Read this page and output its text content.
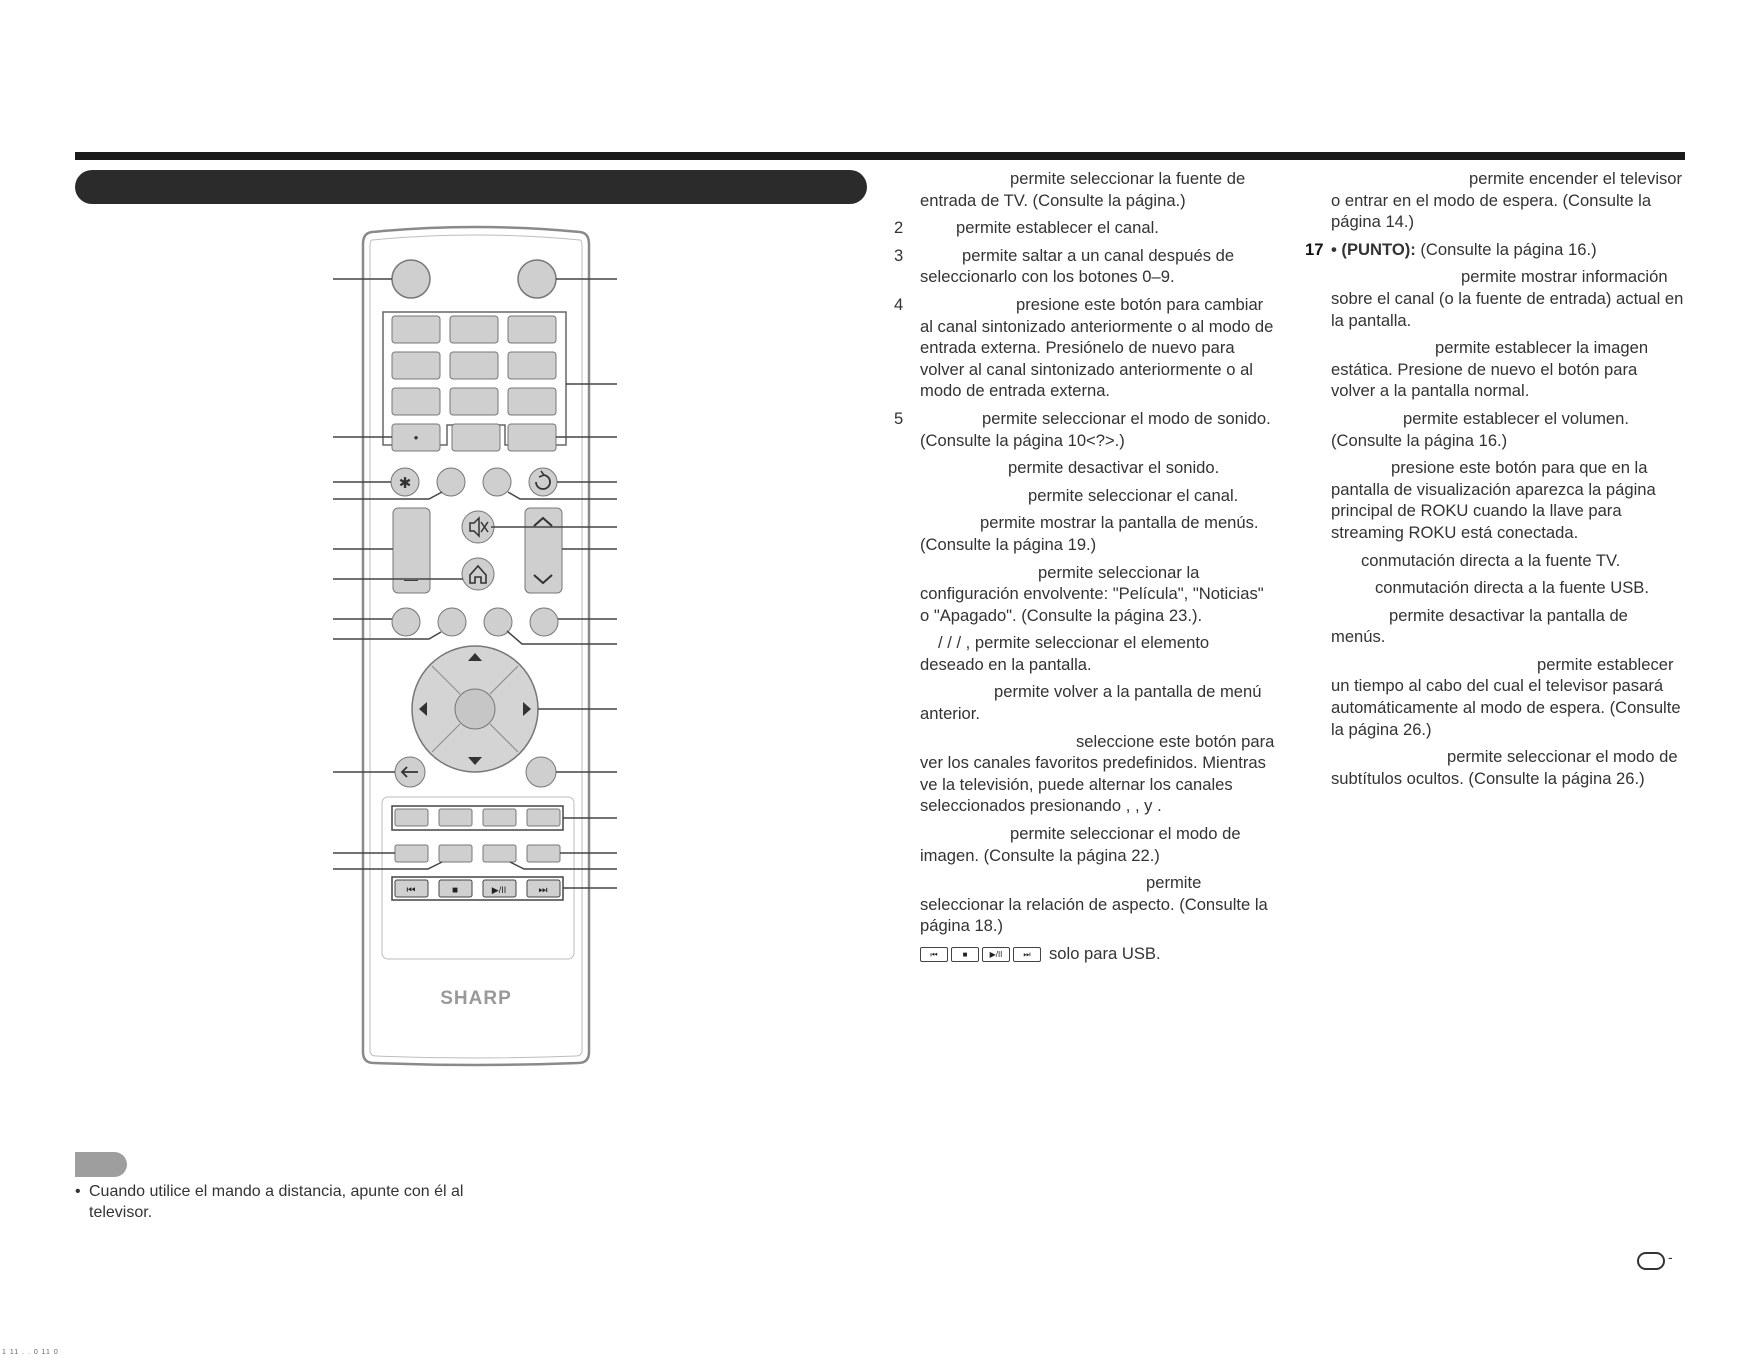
•
✱
—
⏮	■	▶/II	⏭
SHARP
permite seleccionar la fuente de entrada de TV. (Consulte la página.)
2	permite establecer el canal.
3	permite saltar a un canal después de seleccionarlo con los botones 0–9.
4	presione este botón para cambiar al canal sintonizado anteriormente o al modo de entrada externa. Presiónelo de nuevo para volver al canal sintonizado anteriormente o al modo de entrada externa.
5	permite seleccionar el modo de sonido. (Consulte la página 10<?>.)
permite desactivar el sonido.
permite seleccionar el canal.
permite mostrar la pantalla de menús. (Consulte la página 19.)
permite seleccionar la configuración envolvente: "Película", "Noticias" o "Apagado". (Consulte la página 23.).
/ / / , permite seleccionar el elemento deseado en la pantalla.
permite volver a la pantalla de menú anterior.
seleccione este botón para ver los canales favoritos predefinidos. Mientras ve la televisión, puede alternar los canales seleccionados presionando , , y .
permite seleccionar el modo de imagen. (Consulte la página 22.)
permite seleccionar la relación de aspecto. (Consulte la página 18.)
⏮	■	▶/II	⏭	solo para USB.
permite encender el televisor o entrar en el modo de espera. (Consulte la página 14.)
17 • (PUNTO): (Consulte la página 16.)
permite mostrar información sobre el canal (o la fuente de entrada) actual en la pantalla.
permite establecer la imagen estática. Presione de nuevo el botón para volver a la pantalla normal.
permite establecer el volumen. (Consulte la página 16.)
presione este botón para que en la pantalla de visualización aparezca la página principal de ROKU cuando la llave para streaming ROKU está conectada.
conmutación directa a la fuente TV.
conmutación directa a la fuente USB.
permite desactivar la pantalla de menús.
permite establecer un tiempo al cabo del cual el televisor pasará automáticamente al modo de espera. (Consulte la página 26.)
permite seleccionar el modo de subtítulos ocultos. (Consulte la página 26.)
• Cuando utilice el mando a distancia, apunte con él al televisor.
-
1 11 . . 0 11 0
